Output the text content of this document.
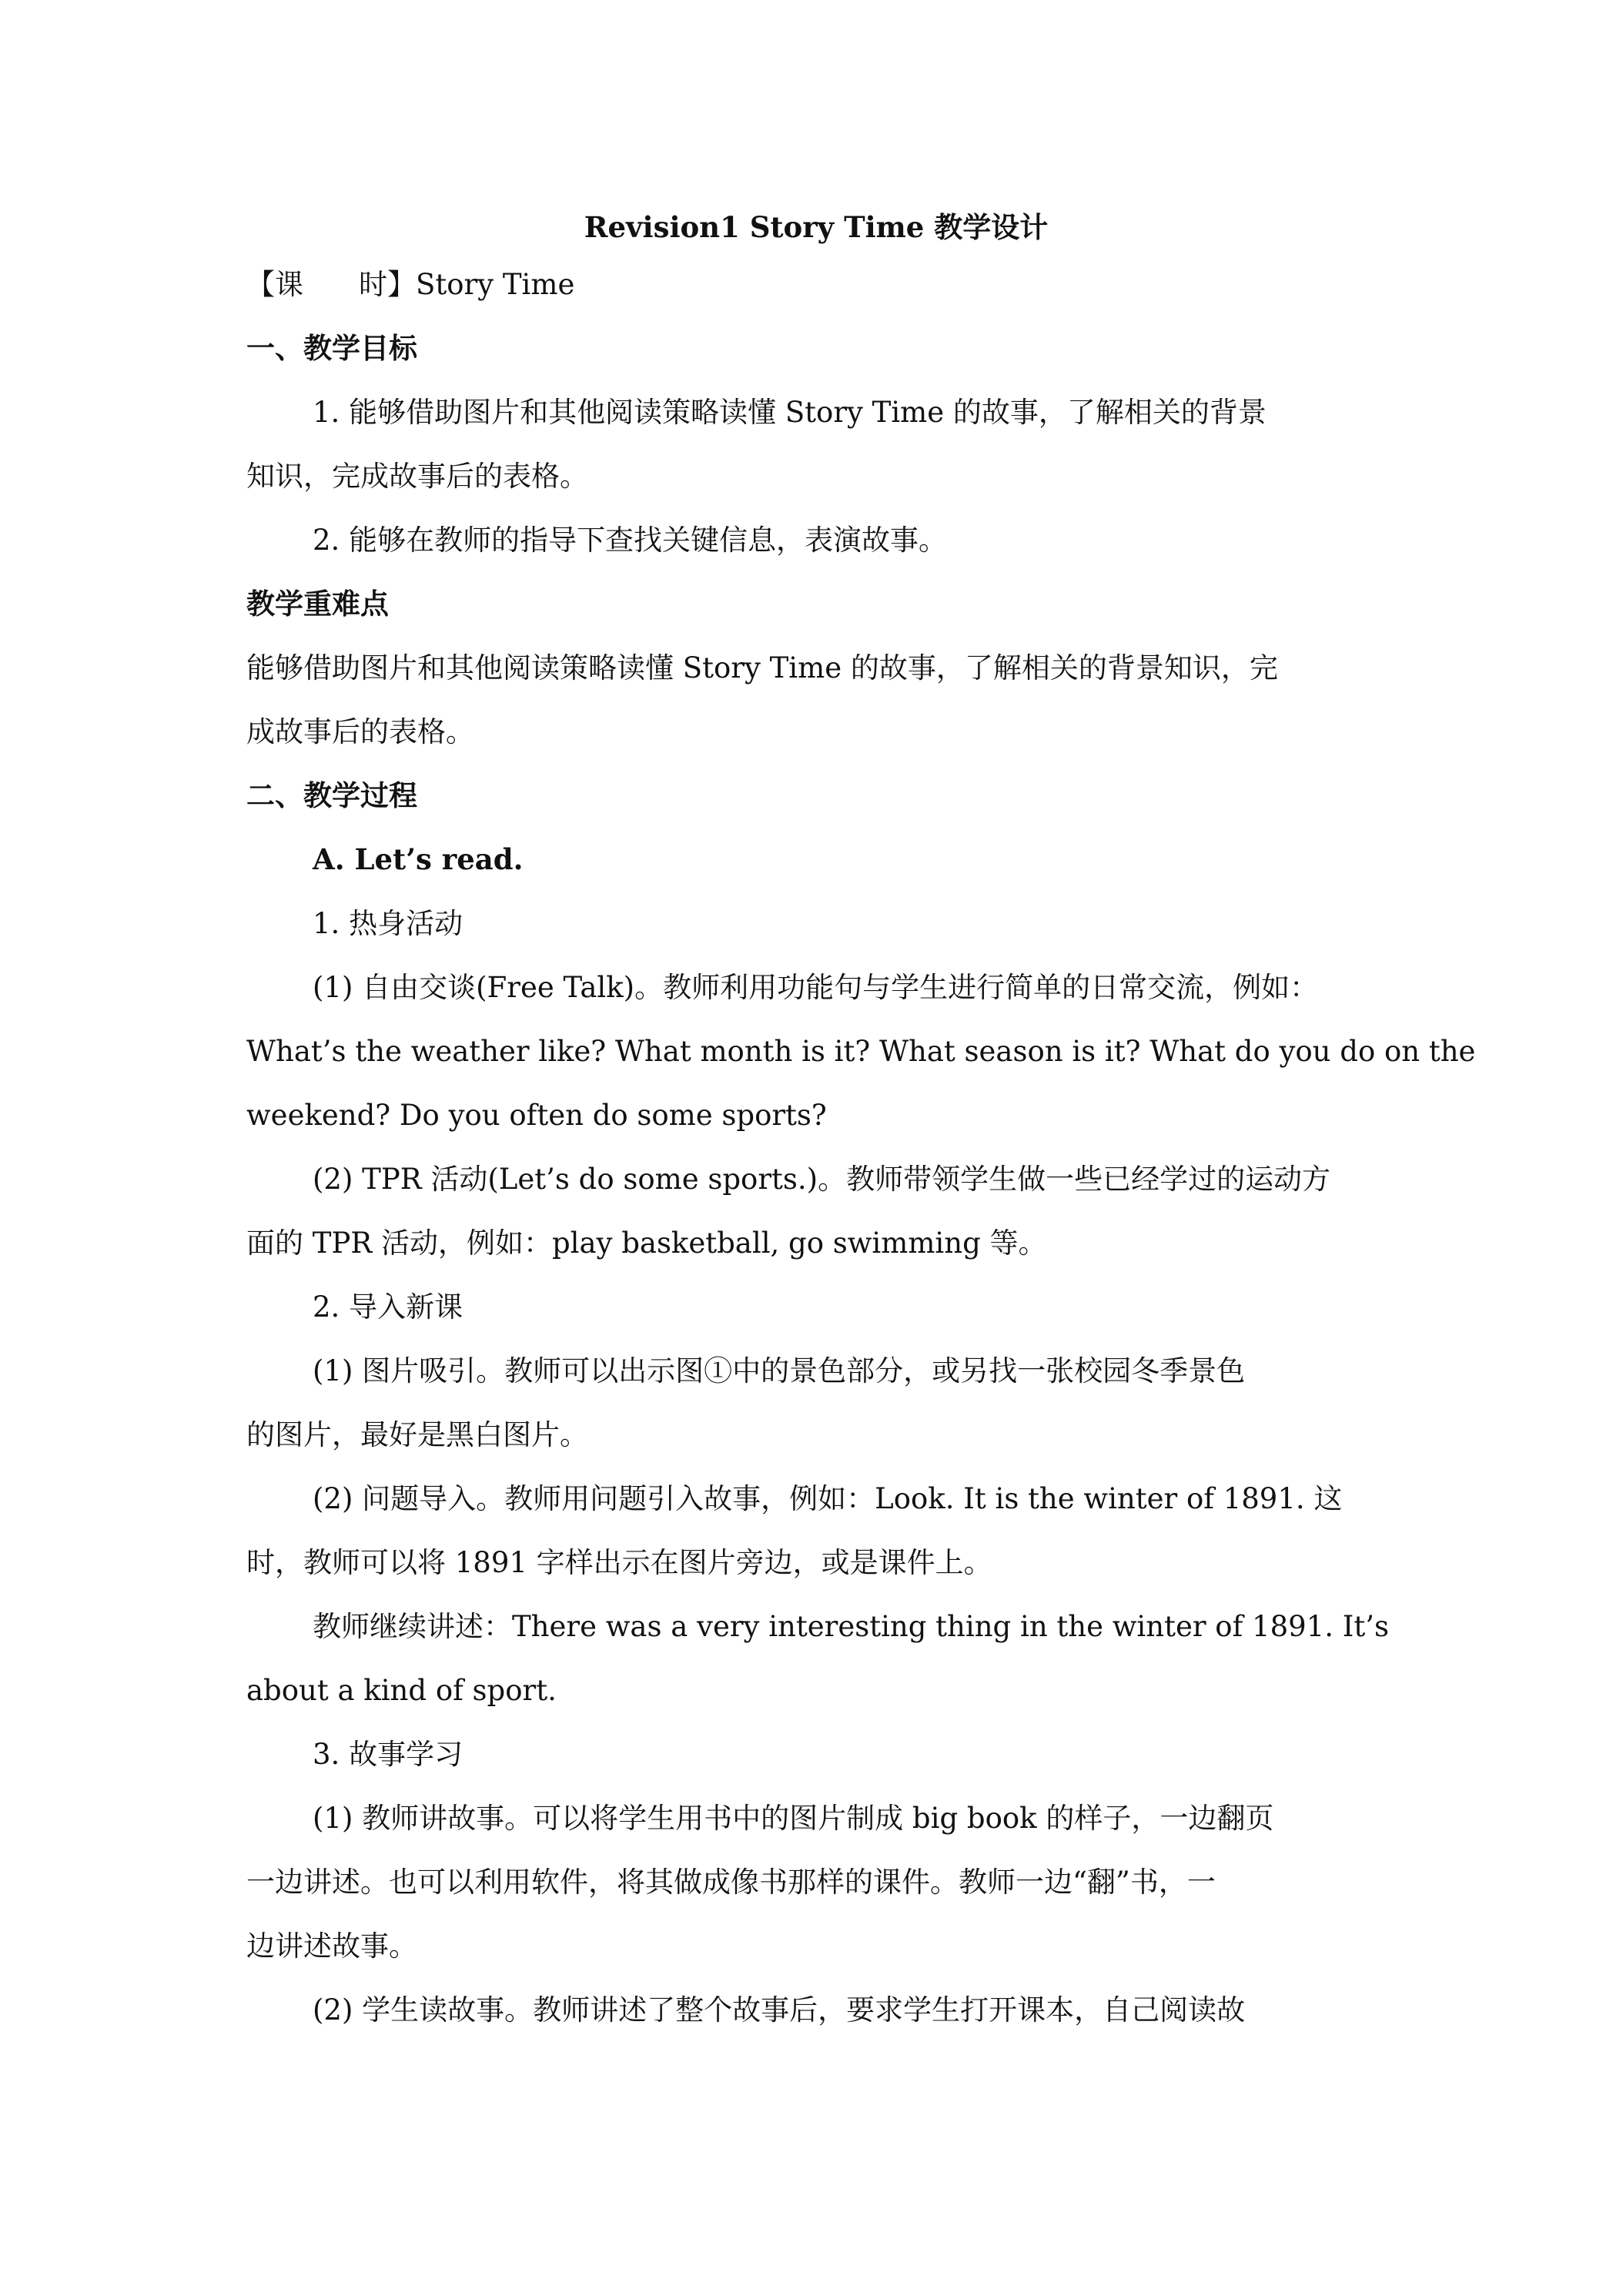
Revision1 Story Time 教学设计

【课 时】Story Time

一、教学目标

1. 能够借助图片和其他阅读策略读懂 Story Time 的故事，了解相关的背景

知识，完成故事后的表格。

2. 能够在教师的指导下查找关键信息，表演故事。

教学重难点

能够借助图片和其他阅读策略读懂 Story Time 的故事，了解相关的背景知识，完

成故事后的表格。

二、教学过程

A. Let’s read.

1. 热身活动

(1) 自由交谈(Free Talk)。教师利用功能句与学生进行简单的日常交流，例如：

What’s the weather like? What month is it? What season is it? What do you do on the

weekend? Do you often do some sports?

(2) TPR 活动(Let’s do some sports.)。教师带领学生做一些已经学过的运动方

面的 TPR 活动，例如：play basketball, go swimming 等。

2. 导入新课

(1) 图片吸引。教师可以出示图①中的景色部分，或另找一张校园冬季景色

的图片，最好是黑白图片。

(2) 问题导入。教师用问题引入故事，例如：Look. It is the winter of 1891. 这

时，教师可以将 1891 字样出示在图片旁边，或是课件上。

教师继续讲述：There was a very interesting thing in the winter of 1891. It’s

about a kind of sport.

3. 故事学习

(1) 教师讲故事。可以将学生用书中的图片制成 big book 的样子，一边翻页

一边讲述。也可以利用软件，将其做成像书那样的课件。教师一边“翻”书，一

边讲述故事。

(2) 学生读故事。教师讲述了整个故事后，要求学生打开课本，自己阅读故
